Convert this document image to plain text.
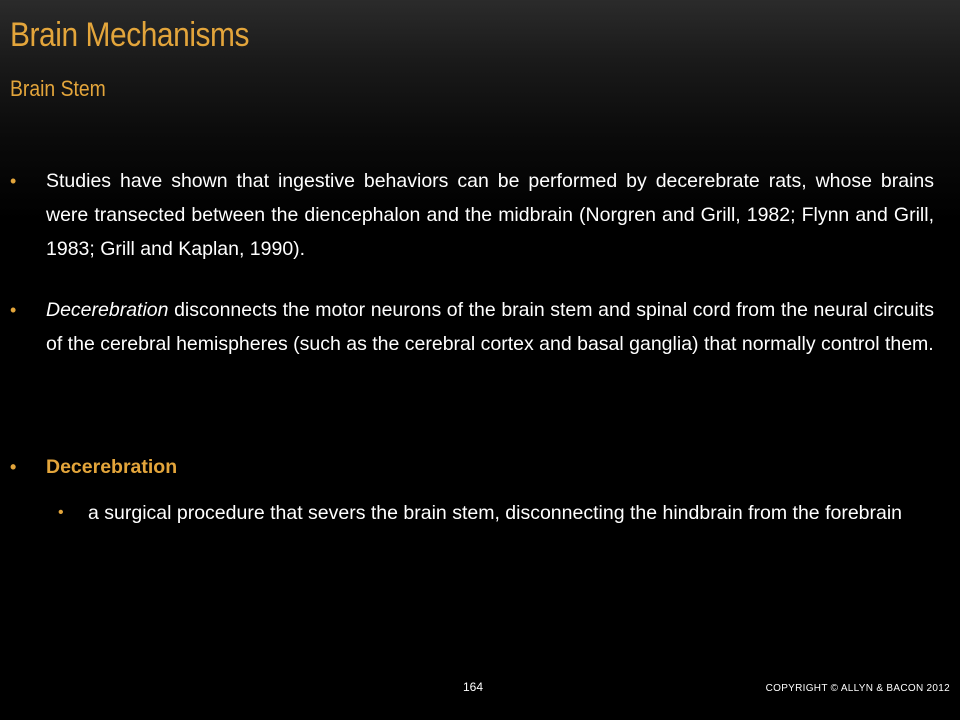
Brain Mechanisms
Brain Stem
• Studies have shown that ingestive behaviors can be performed by decerebrate rats, whose brains were transected between the diencephalon and the midbrain (Norgren and Grill, 1982; Flynn and Grill, 1983; Grill and Kaplan, 1990).
• Decerebration disconnects the motor neurons of the brain stem and spinal cord from the neural circuits of the cerebral hemispheres (such as the cerebral cortex and basal ganglia) that normally control them.
• Decerebration
• a surgical procedure that severs the brain stem, disconnecting the hindbrain from the forebrain
164	COPYRIGHT © ALLYN & BACON 2012
